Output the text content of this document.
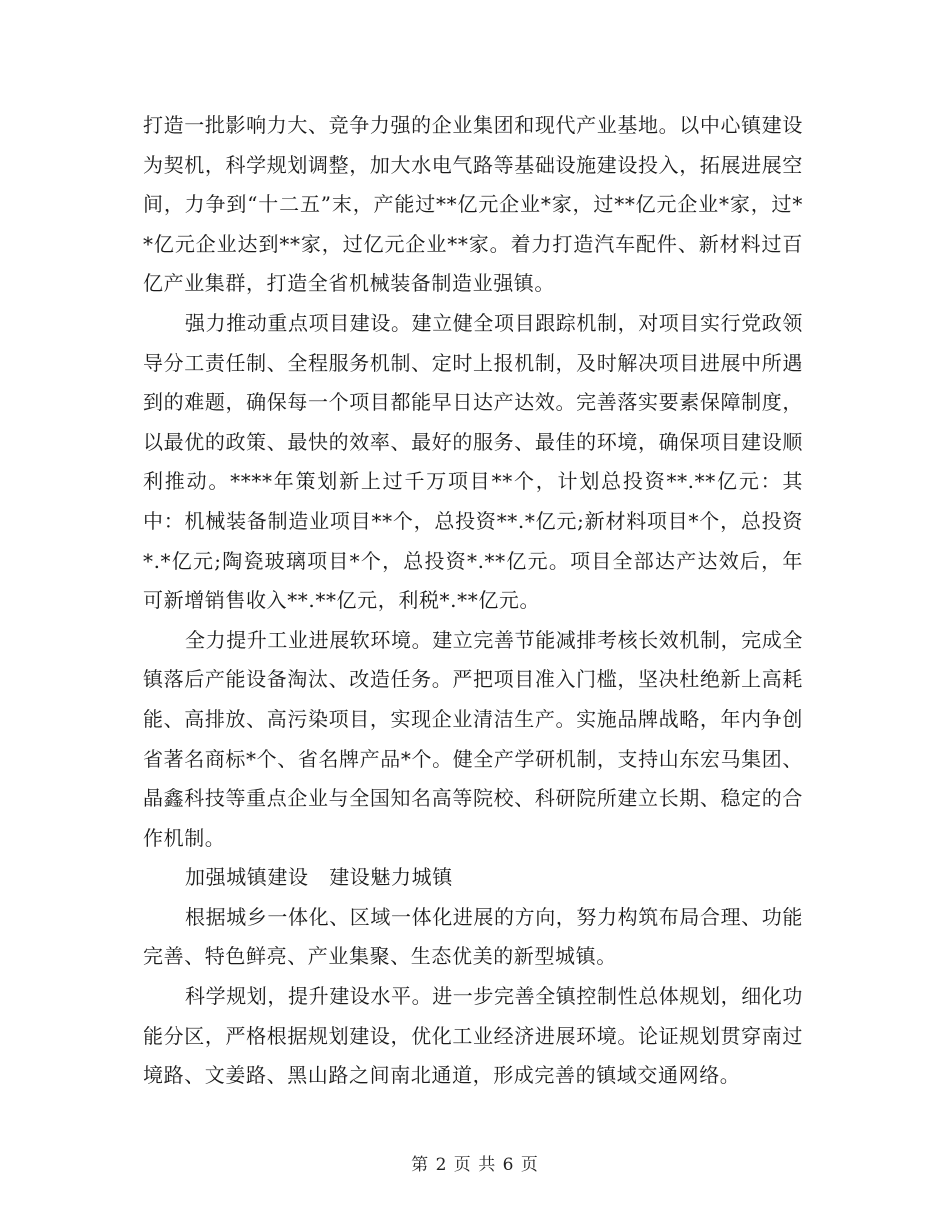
打造一批影响力大、竞争力强的企业集团和现代产业基地。以中心镇建设为契机，科学规划调整，加大水电气路等基础设施建设投入，拓展进展空间，力争到“十二五”末，产能过**亿元企业*家，过**亿元企业*家，过**亿元企业达到**家，过亿元企业**家。着力打造汽车配件、新材料过百亿产业集群，打造全省机械装备制造业强镇。

强力推动重点项目建设。建立健全项目跟踪机制，对项目实行党政领导分工责任制、全程服务机制、定时上报机制，及时解决项目进展中所遇到的难题，确保每一个项目都能早日达产达效。完善落实要素保障制度，以最优的政策、最快的效率、最好的服务、最佳的环境，确保项目建设顺利推动。****年策划新上过千万项目**个，计划总投资**.**亿元：其中：机械装备制造业项目**个，总投资**.*亿元;新材料项目*个，总投资*.*亿元;陶瓷玻璃项目*个，总投资*.**亿元。项目全部达产达效后，年可新增销售收入**.**亿元，利税*.**亿元。

全力提升工业进展软环境。建立完善节能减排考核长效机制，完成全镇落后产能设备淘汰、改造任务。严把项目准入门槛，坚决杜绝新上高耗能、高排放、高污染项目，实现企业清洁生产。实施品牌战略，年内争创省著名商标*个、省名牌产品*个。健全产学研机制，支持山东宏马集团、晶鑫科技等重点企业与全国知名高等院校、科研院所建立长期、稳定的合作机制。

加强城镇建设　建设魅力城镇

根据城乡一体化、区域一体化进展的方向，努力构筑布局合理、功能完善、特色鲜亮、产业集聚、生态优美的新型城镇。

科学规划，提升建设水平。进一步完善全镇控制性总体规划，细化功能分区，严格根据规划建设，优化工业经济进展环境。论证规划贯穿南过境路、文姜路、黑山路之间南北通道，形成完善的镇域交通网络。

第 2 页 共 6 页
